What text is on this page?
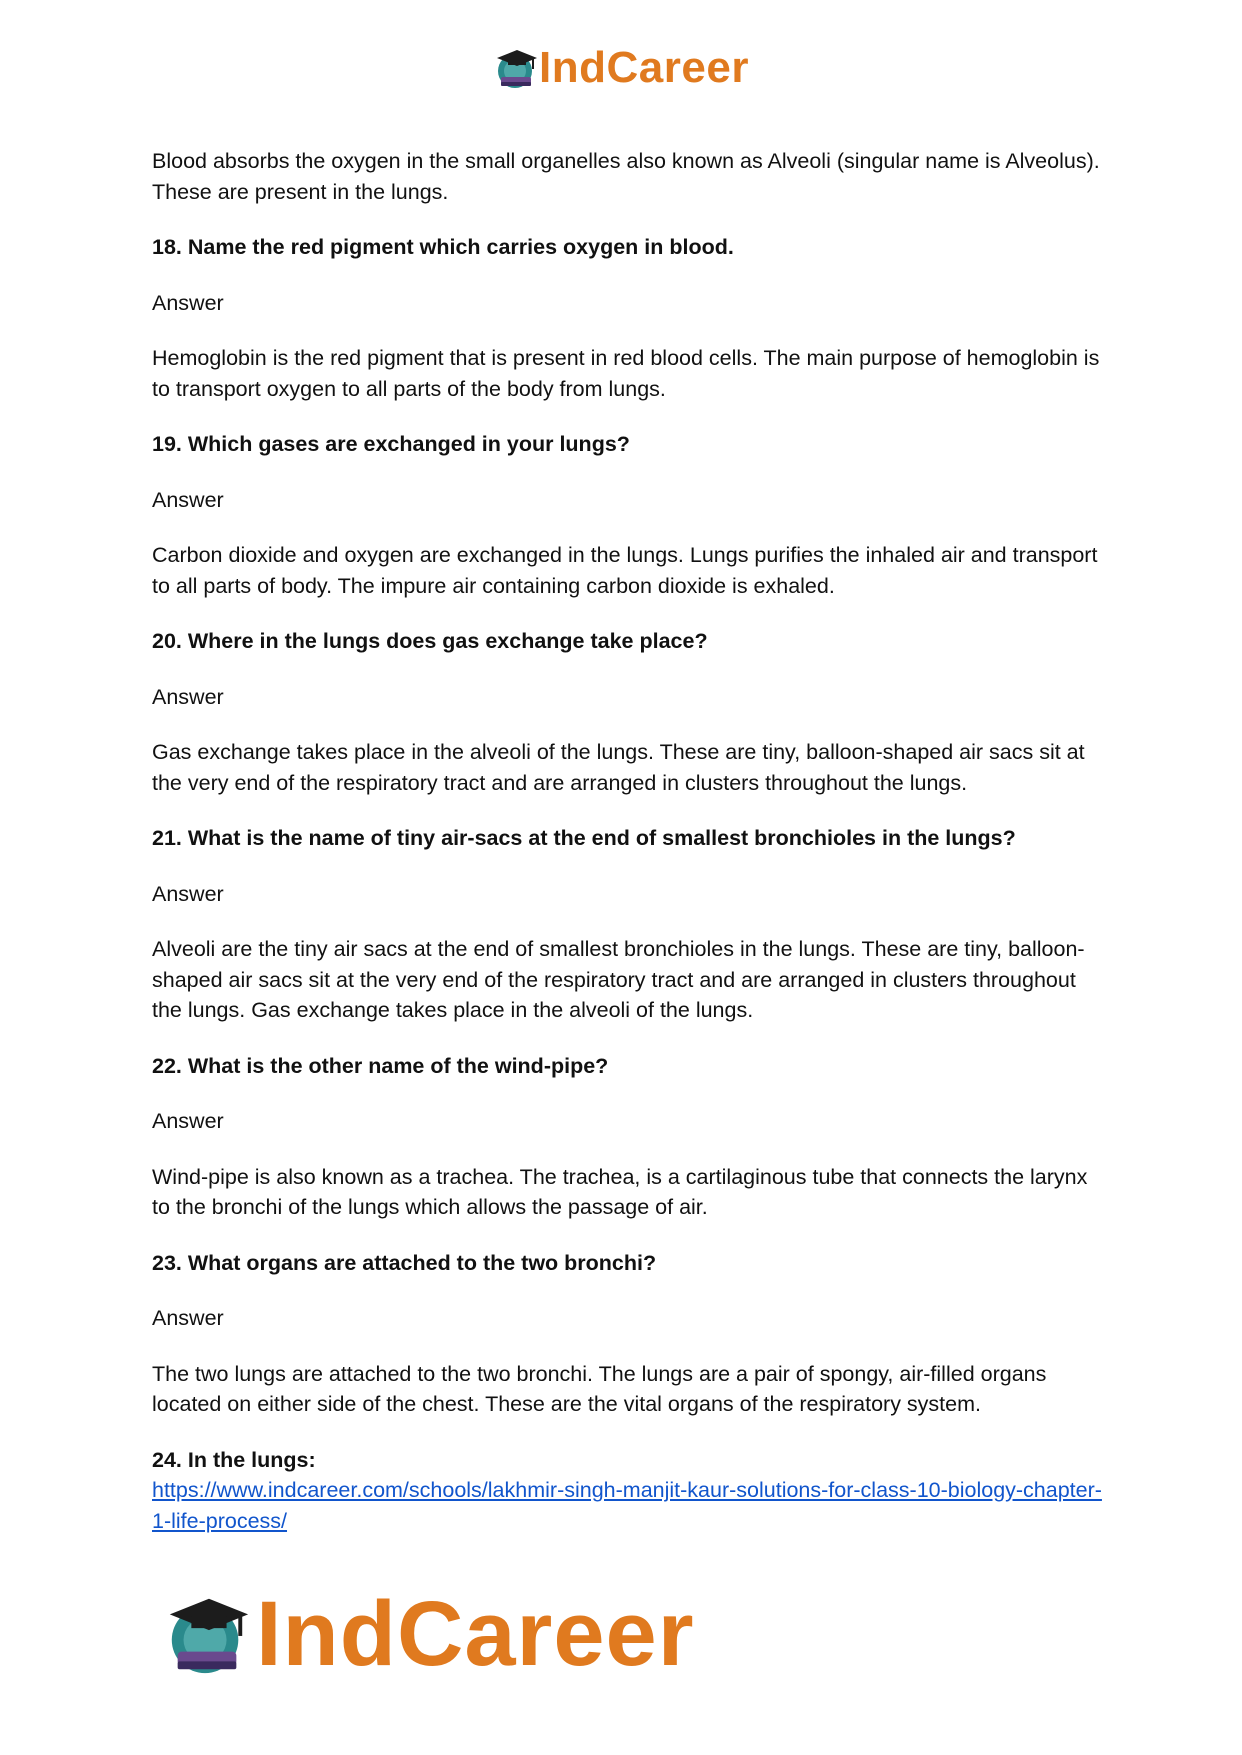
IndCareer

Blood absorbs the oxygen in the small organelles also known as Alveoli (singular name is Alveolus). These are present in the lungs.

18. Name the red pigment which carries oxygen in blood.

Answer

Hemoglobin is the red pigment that is present in red blood cells. The main purpose of hemoglobin is to transport oxygen to all parts of the body from lungs.

19. Which gases are exchanged in your lungs?

Answer

Carbon dioxide and oxygen are exchanged in the lungs. Lungs purifies the inhaled air and transport to all parts of body. The impure air containing carbon dioxide is exhaled.

20. Where in the lungs does gas exchange take place?

Answer

Gas exchange takes place in the alveoli of the lungs. These are tiny, balloon-shaped air sacs sit at the very end of the respiratory tract and are arranged in clusters throughout the lungs.

21. What is the name of tiny air-sacs at the end of smallest bronchioles in the lungs?

Answer

Alveoli are the tiny air sacs at the end of smallest bronchioles in the lungs. These are tiny, balloon-shaped air sacs sit at the very end of the respiratory tract and are arranged in clusters throughout the lungs. Gas exchange takes place in the alveoli of the lungs.

22. What is the other name of the wind-pipe?

Answer

Wind-pipe is also known as a trachea. The trachea, is a cartilaginous tube that connects the larynx to the bronchi of the lungs which allows the passage of air.

23. What organs are attached to the two bronchi?

Answer

The two lungs are attached to the two bronchi. The lungs are a pair of spongy, air-filled organs located on either side of the chest. These are the vital organs of the respiratory system.

24. In the lungs:

https://www.indcareer.com/schools/lakhmir-singh-manjit-kaur-solutions-for-class-10-biology-chapter-1-life-process/
IndCareer
